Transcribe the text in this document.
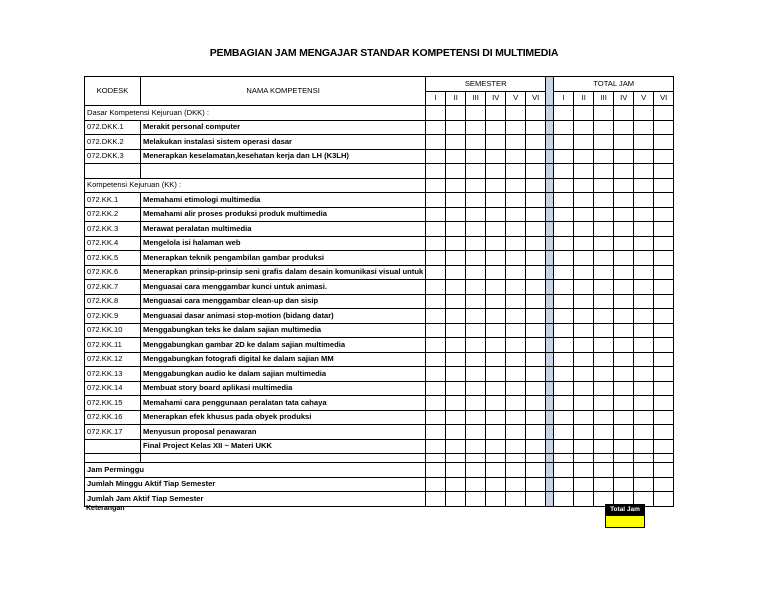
PEMBAGIAN JAM MENGAJAR STANDAR KOMPETENSI DI MULTIMEDIA
KODESK	NAMA KOMPETENSI	SEMESTER							TOTAL JAM					
		I	II	III	IV	V	VI		I	II	III	IV	V	VI
Dasar Kompetensi Kejuruan (DKK) :														
072.DKK.1	Merakit personal computer													
072.DKK.2	Melakukan instalasi sistem operasi dasar													
072.DKK.3	Menerapkan keselamatan,kesehatan kerja dan LH (K3LH)													

Kompetensi Kejuruan (KK) :														
072.KK.1	Memahami etimologi multimedia													
072.KK.2	Memahami alir proses produksi produk multimedia													
072.KK.3	Merawat peralatan multimedia													
072.KK.4	Mengelola isi halaman web													
072.KK.5	Menerapkan teknik pengambilan gambar produksi													
072.KK.6	Menerapkan prinsip-prinsip seni grafis dalam desain komunikasi visual untuk													
072.KK.7	Menguasai cara menggambar kunci untuk animasi.													
072.KK.8	Menguasai cara menggambar clean-up dan sisip													
072.KK.9	Menguasai dasar animasi stop-motion (bidang datar)													
072.KK.10	Menggabungkan teks ke dalam sajian multimedia													
072.KK.11	Menggabungkan gambar 2D ke dalam sajian multimedia													
072.KK.12	Menggabungkan fotografi digital ke dalam sajian MM													
072.KK.13	Menggabungkan audio ke dalam sajian multimedia													
072.KK.14	Membuat story board aplikasi multimedia													
072.KK.15	Memahami cara penggunaan peralatan tata cahaya													
072.KK.16	Menerapkan efek khusus pada obyek produksi													
072.KK.17	Menyusun proposal penawaran													
	Final Project Kelas XII ~ Materi UKK													

Jam Perminggu														
Jumlah Minggu Aktif Tiap Semester														
Jumlah Jam Aktif Tiap Semester														
Keterangan	Total Jam
